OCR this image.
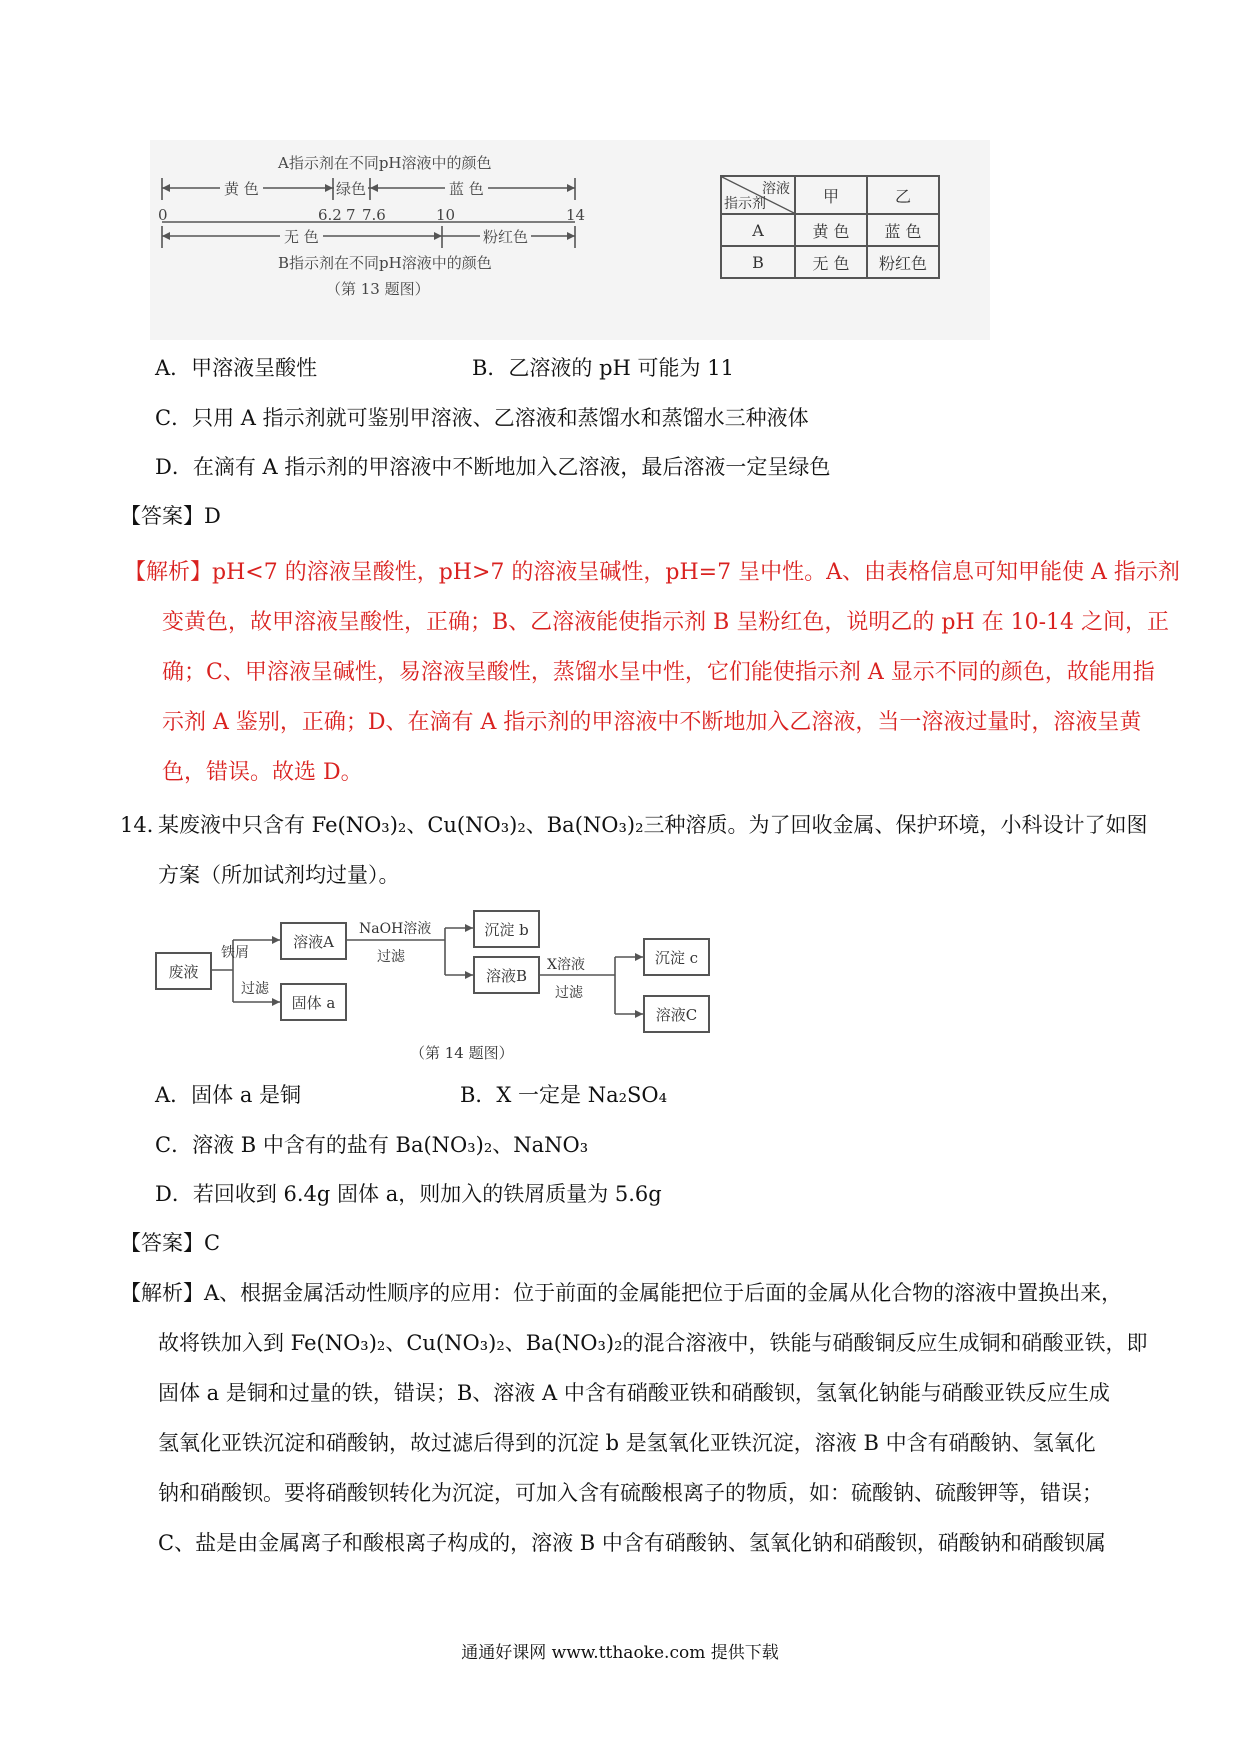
A指示剂在不同pH溶液中的颜色
黄 色	绿色	蓝 色
0	6.2 7 7.6	10	14
无 色	粉红色
B指示剂在不同pH溶液中的颜色
（第 13 题图）
溶液
指示剂	甲	乙
A	黄 色	蓝 色
B	无 色	粉红色
A．甲溶液呈酸性	B．乙溶液的 pH 可能为 11
C．只用 A 指示剂就可鉴别甲溶液、乙溶液和蒸馏水和蒸馏水三种液体
D．在滴有 A 指示剂的甲溶液中不断地加入乙溶液，最后溶液一定呈绿色
【答案】D
【解析】pH<7 的溶液呈酸性，pH>7 的溶液呈碱性，pH=7 呈中性。A、由表格信息可知甲能使 A 指示剂
变黄色，故甲溶液呈酸性，正确；B、乙溶液能使指示剂 B 呈粉红色，说明乙的 pH 在 10-14 之间，正
确；C、甲溶液呈碱性，易溶液呈酸性，蒸馏水呈中性，它们能使指示剂 A 显示不同的颜色，故能用指
示剂 A 鉴别，正确；D、在滴有 A 指示剂的甲溶液中不断地加入乙溶液，当一溶液过量时，溶液呈黄
色，错误。故选 D。
14．
某废液中只含有 Fe(NO₃)₂、Cu(NO₃)₂、Ba(NO₃)₂三种溶质。为了回收金属、保护环境，小科设计了如图
方案（所加试剂均过量）。
废液
铁屑
过滤
溶液A
固体 a
NaOH溶液
过滤
沉淀 b
溶液B
X溶液
过滤
沉淀 c
溶液C
（第 14 题图）
A．固体 a 是铜	B．X 一定是 Na₂SO₄
C．溶液 B 中含有的盐有 Ba(NO₃)₂、NaNO₃
D．若回收到 6.4g 固体 a，则加入的铁屑质量为 5.6g
【答案】C
【解析】A、根据金属活动性顺序的应用：位于前面的金属能把位于后面的金属从化合物的溶液中置换出来，
故将铁加入到 Fe(NO₃)₂、Cu(NO₃)₂、Ba(NO₃)₂的混合溶液中，铁能与硝酸铜反应生成铜和硝酸亚铁，即
固体 a 是铜和过量的铁，错误；B、溶液 A 中含有硝酸亚铁和硝酸钡，氢氧化钠能与硝酸亚铁反应生成
氢氧化亚铁沉淀和硝酸钠，故过滤后得到的沉淀 b 是氢氧化亚铁沉淀，溶液 B 中含有硝酸钠、氢氧化
钠和硝酸钡。要将硝酸钡转化为沉淀，可加入含有硫酸根离子的物质，如：硫酸钠、硫酸钾等，错误；
C、盐是由金属离子和酸根离子构成的，溶液 B 中含有硝酸钠、氢氧化钠和硝酸钡，硝酸钠和硝酸钡属
通通好课网 www.tthaoke.com 提供下载
